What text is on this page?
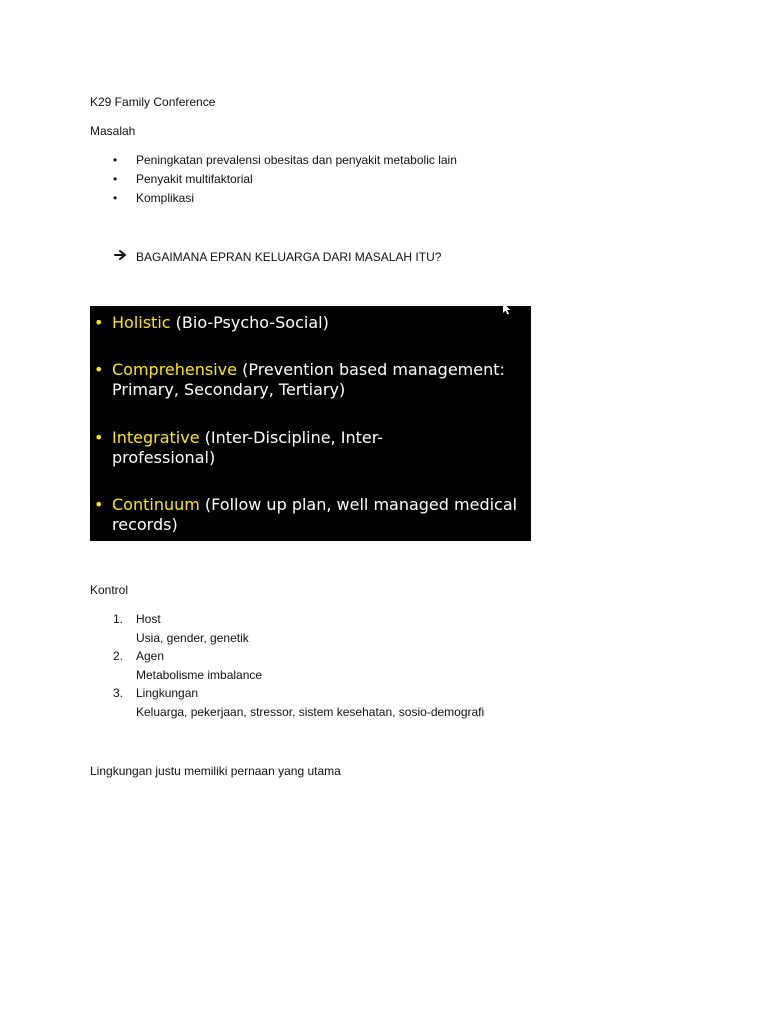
K29 Family Conference
Masalah
• Peningkatan prevalensi obesitas dan penyakit metabolic lain
• Penyakit multifaktorial
• Komplikasi
BAGAIMANA EPRAN KELUARGA DARI MASALAH ITU?
• Holistic (Bio-Psycho-Social)
• Comprehensive (Prevention based management: Primary, Secondary, Tertiary)
• Integrative (Inter-Discipline, Inter-professional)
• Continuum (Follow up plan, well managed medical records)
Kontrol
1. Host
Usia, gender, genetik
2. Agen
Metabolisme imbalance
3. Lingkungan
Keluarga, pekerjaan, stressor, sistem kesehatan, sosio-demografi
Lingkungan justu memiliki pernaan yang utama
